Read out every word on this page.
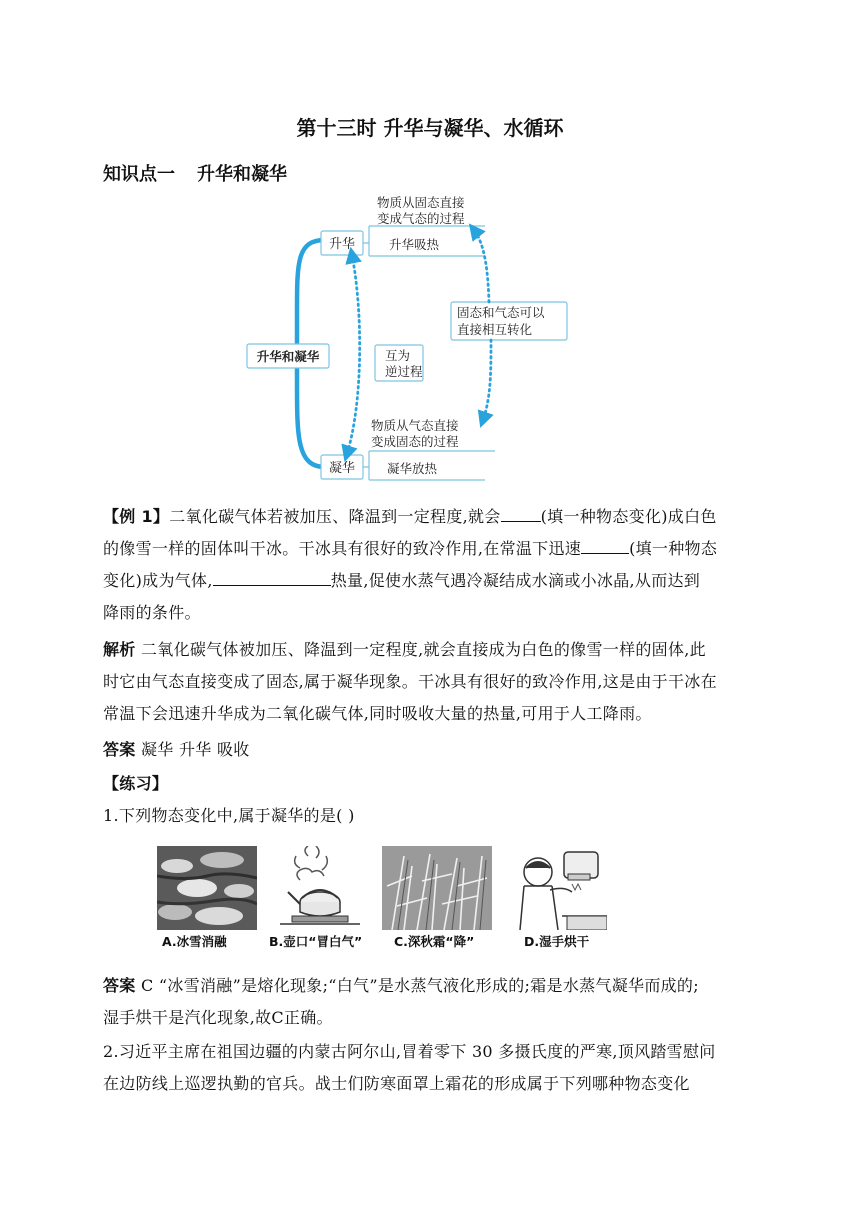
第十三时 升华与凝华、水循环
知识点一 升华和凝华
升华和凝华
升华
凝华
物质从固态直接
变成气态的过程
升华吸热
物质从气态直接
变成固态的过程
凝华放热
互为
逆过程
固态和气态可以
直接相互转化
【例 1】二氧化碳气体若被加压、降温到一定程度,就会	(填一种物态变化)成白色
的像雪一样的固体叫干冰。干冰具有很好的致冷作用,在常温下迅速	(填一种物态
变化)成为气体,	热量,促使水蒸气遇冷凝结成水滴或小冰晶,从而达到
降雨的条件。
解析 二氧化碳气体被加压、降温到一定程度,就会直接成为白色的像雪一样的固体,此
时它由气态直接变成了固态,属于凝华现象。干冰具有很好的致冷作用,这是由于干冰在
常温下会迅速升华成为二氧化碳气体,同时吸收大量的热量,可用于人工降雨。
答案 凝华 升华 吸收
【练习】
1.下列物态变化中,属于凝华的是( )
A.冰雪消融	B.壶口“冒白气”	C.深秋霜“降”	D.湿手烘干
答案 C “冰雪消融”是熔化现象;“白气”是水蒸气液化形成的;霜是水蒸气凝华而成的;
湿手烘干是汽化现象,故C正确。
2.习近平主席在祖国边疆的内蒙古阿尔山,冒着零下 30 多摄氏度的严寒,顶风踏雪慰问
在边防线上巡逻执勤的官兵。战士们防寒面罩上霜花的形成属于下列哪种物态变化
